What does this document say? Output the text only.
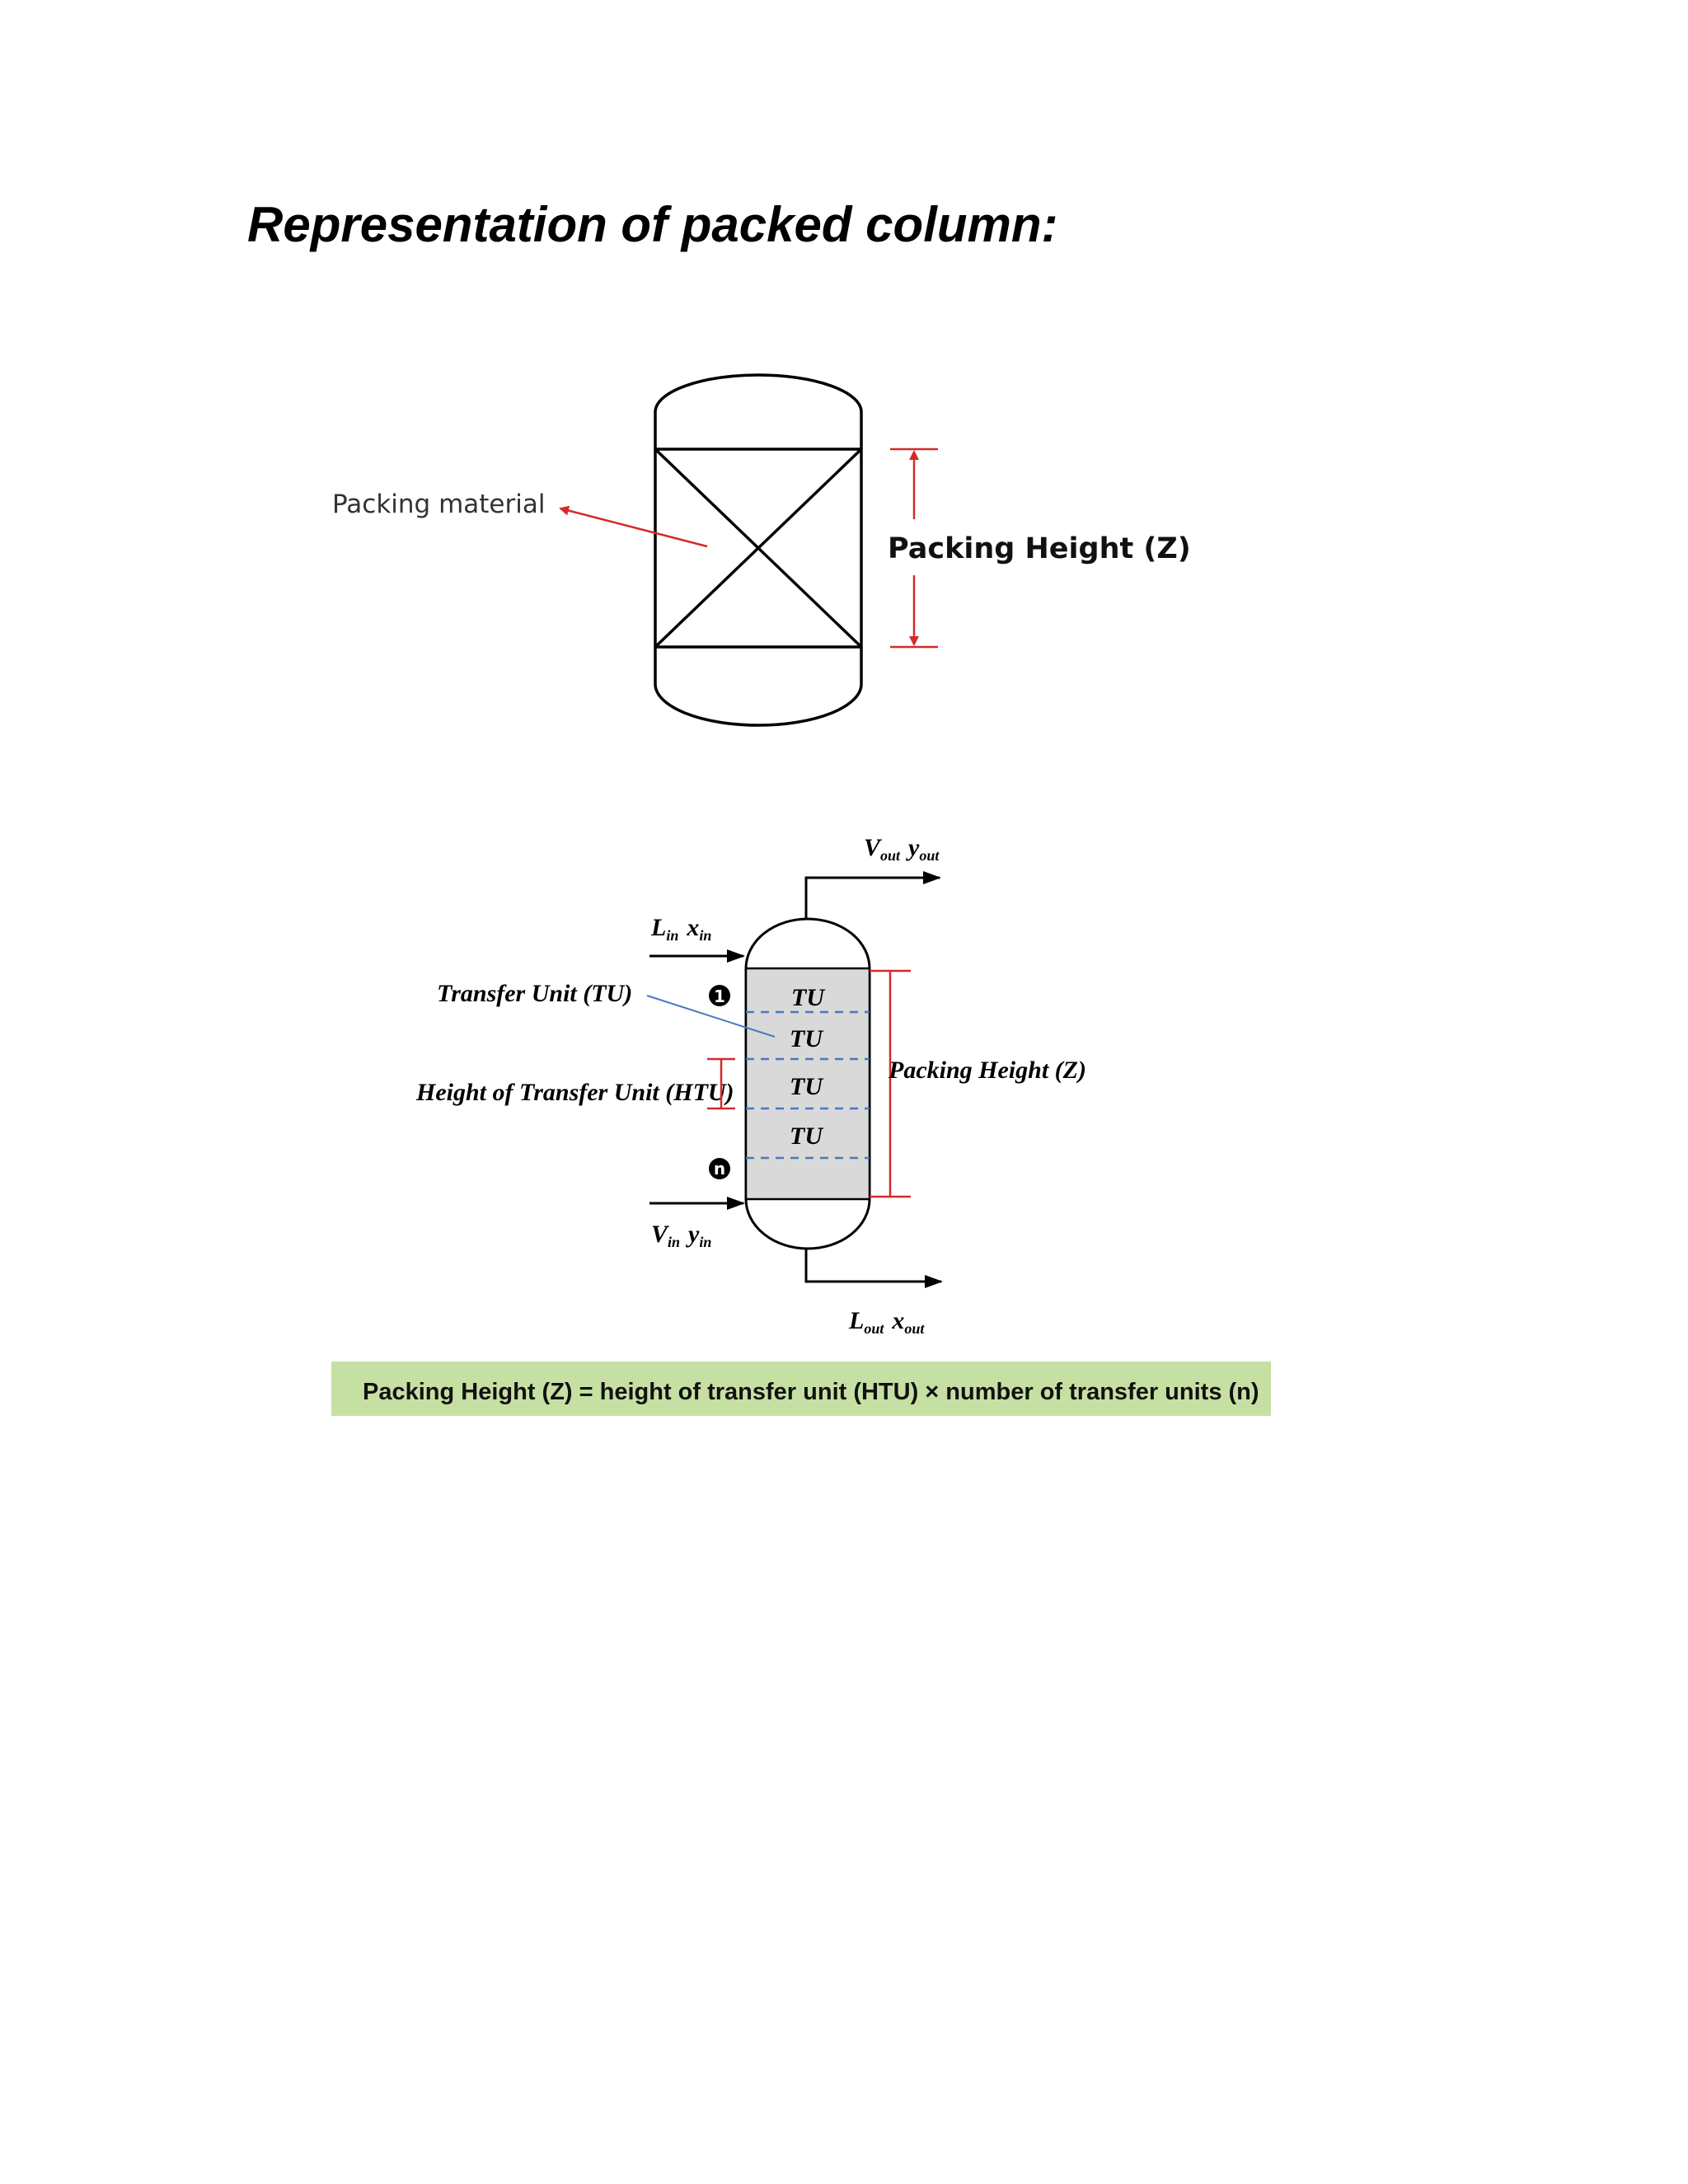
Representation of packed column:
Packing material
Packing Height (Z)
TU
TU
TU
TU
$V_{out}$ $y_{out}$
$L_{in}$ $x_{in}$
$V_{in}$ $y_{in}$
$L_{out}$ $x_{out}$
1
n
Transfer Unit (TU)
Height of Transfer Unit (HTU)
Packing Height (Z)
Packing Height (Z) = height of transfer unit (HTU) × number of transfer units (n)
